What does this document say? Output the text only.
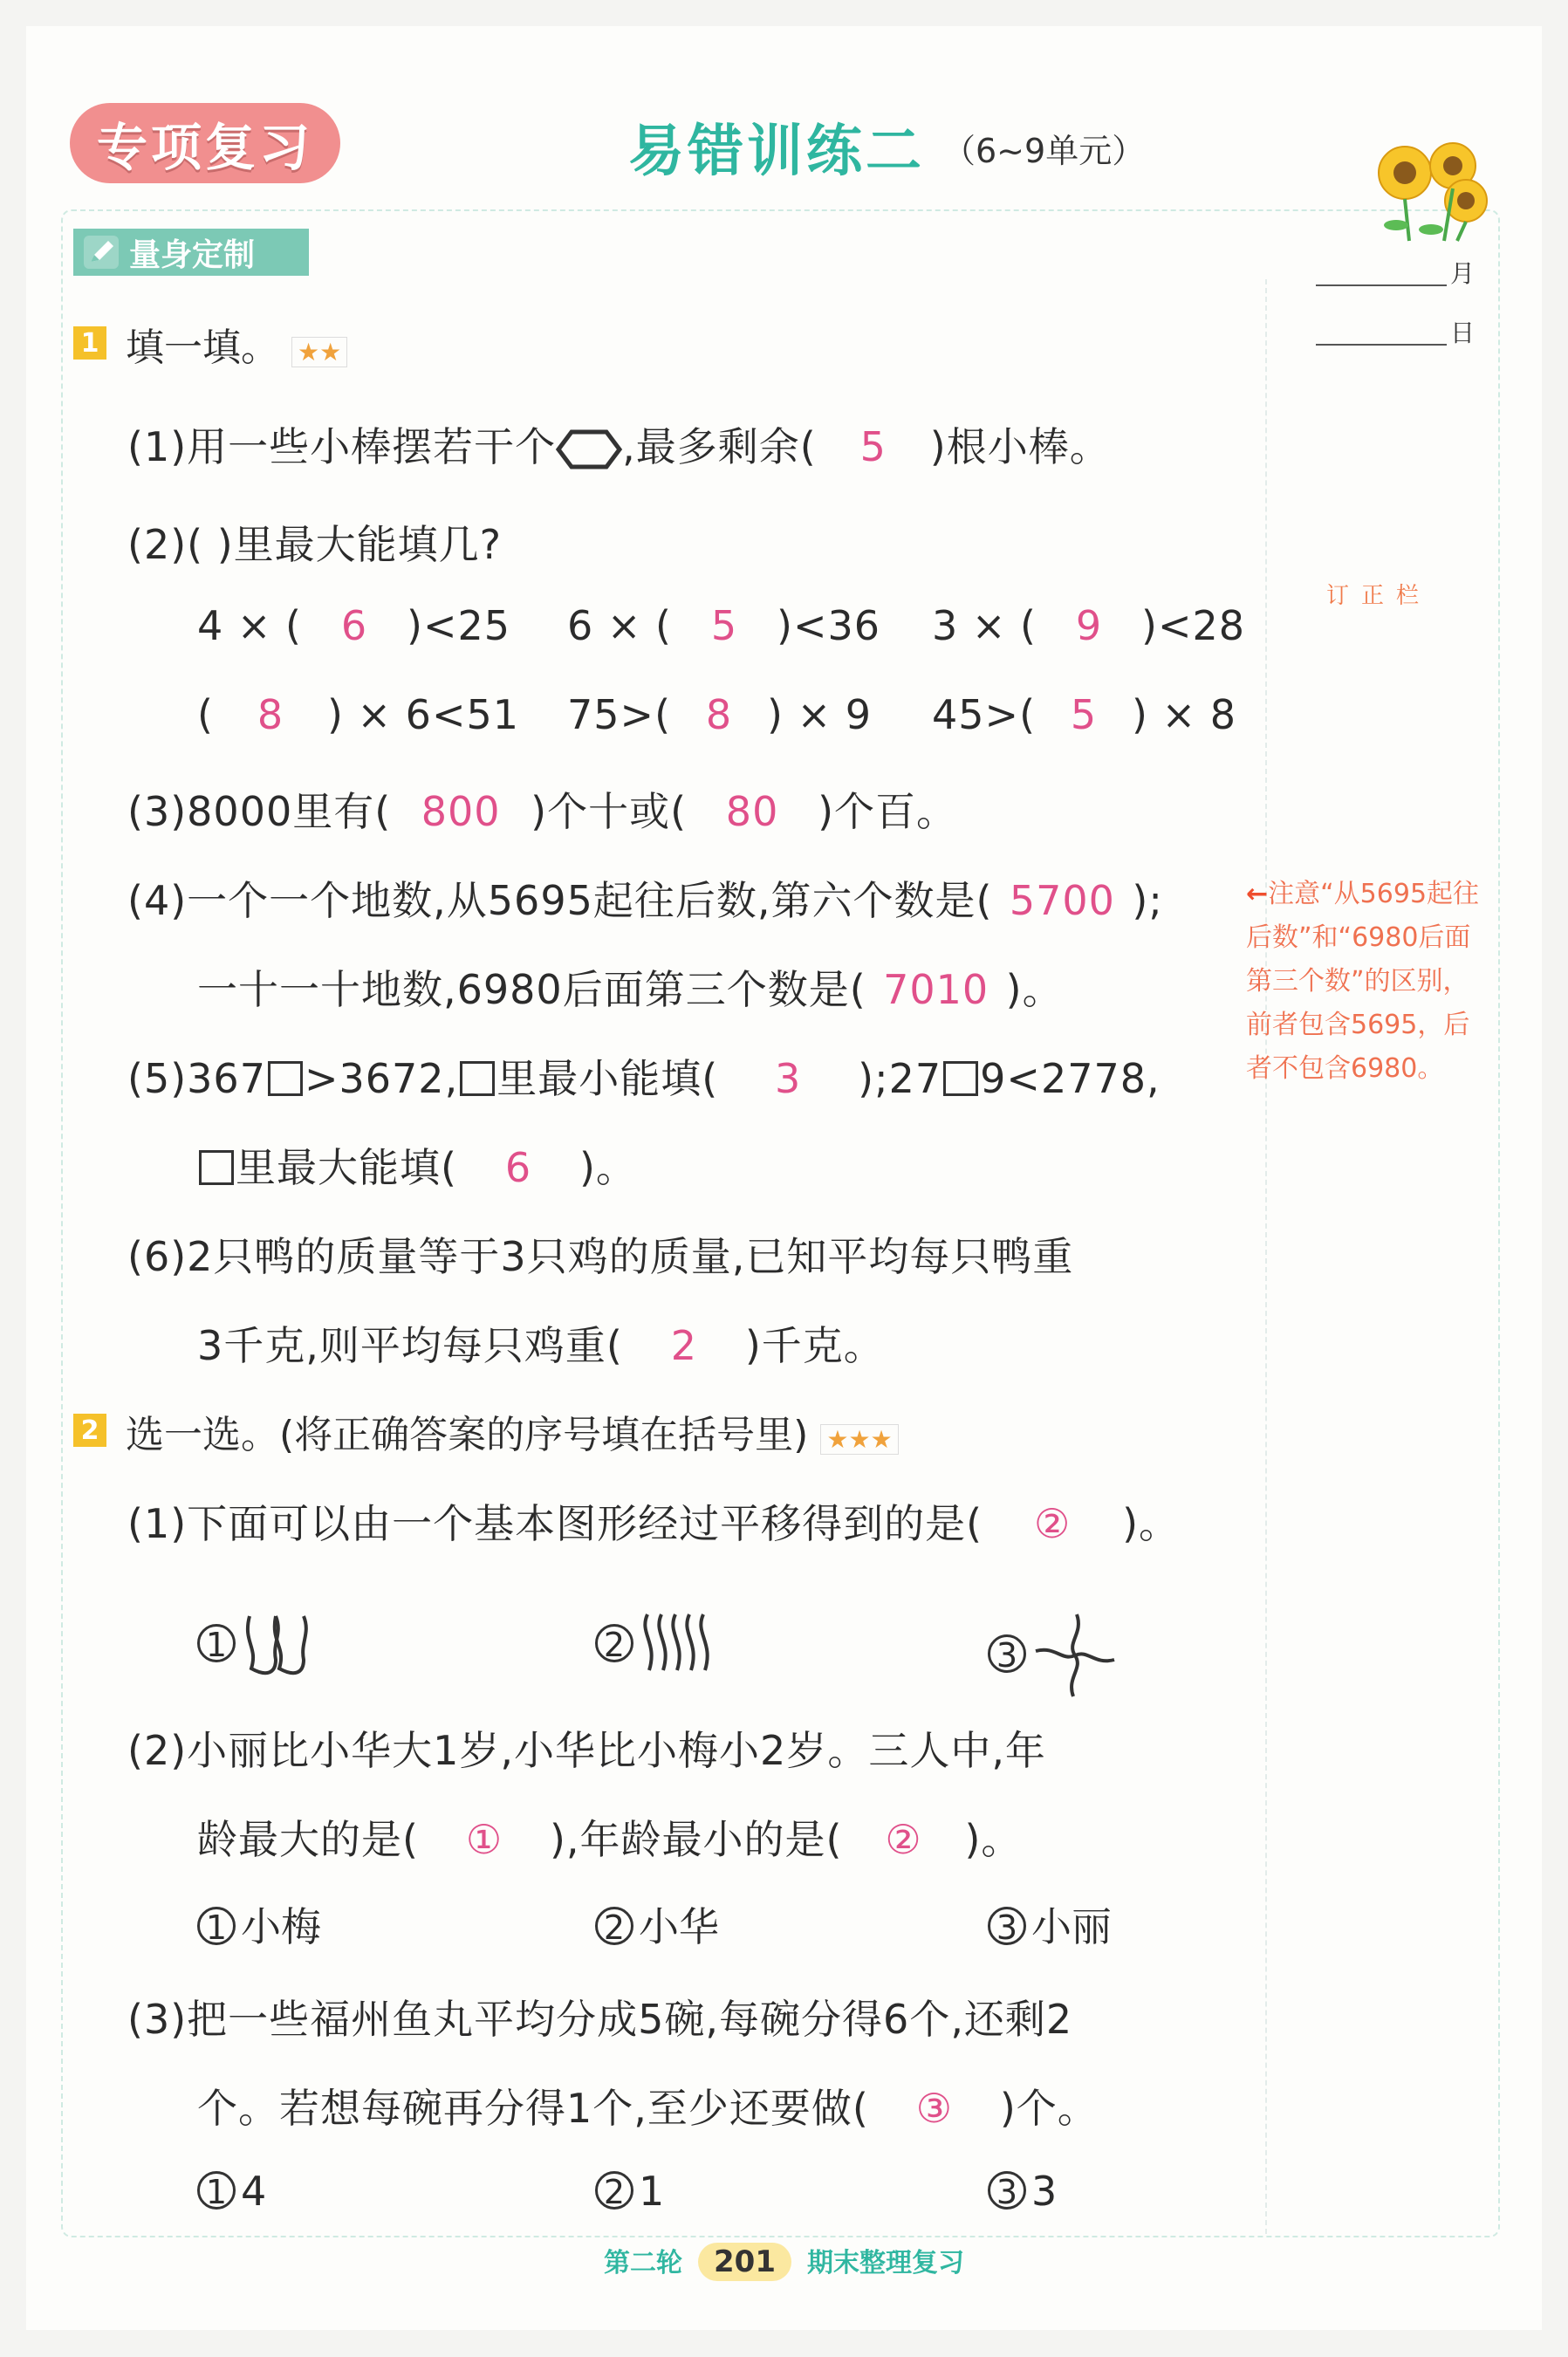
专项复习	易错训练二 （6~9单元）
量身定制
月
日
订正栏
←注意“从5695起往后数”和“6980后面第三个数”的区别，前者包含5695，后者不包含6980。
1 填一填。 ★★
(1)用一些小棒摆若干个 ,最多剩余( 5 )根小棒。
(2)( )里最大能填几?
4 × ( 6 )<25 6 × ( 5 )<36 3 × ( 9 )<28
( 8 ) × 6<51 75>( 8 ) × 9 45>( 5 ) × 8
(3)8000里有( 800 )个十或( 80 )个百。
(4)一个一个地数,从5695起往后数,第六个数是( 5700 );
一十一十地数,6980后面第三个数是( 7010 )。
(5)367 >3672, 里最小能填( 3 );27 9<2778,
里最大能填( 6 )。
(6)2只鸭的质量等于3只鸡的质量,已知平均每只鸭重
3千克,则平均每只鸡重( 2 )千克。
2 选一选。(将正确答案的序号填在括号里) ★★★
(1)下面可以由一个基本图形经过平移得到的是( ② )。
1	2	3
(2)小丽比小华大1岁,小华比小梅小2岁。三人中,年
龄最大的是( ① ),年龄最小的是( ② )。
1 小梅	2 小华	3 小丽
(3)把一些福州鱼丸平均分成5碗,每碗分得6个,还剩2
个。若想每碗再分得1个,至少还要做( ③ )个。
1 4	2 1	3 3
第二轮 201 期末整理复习
